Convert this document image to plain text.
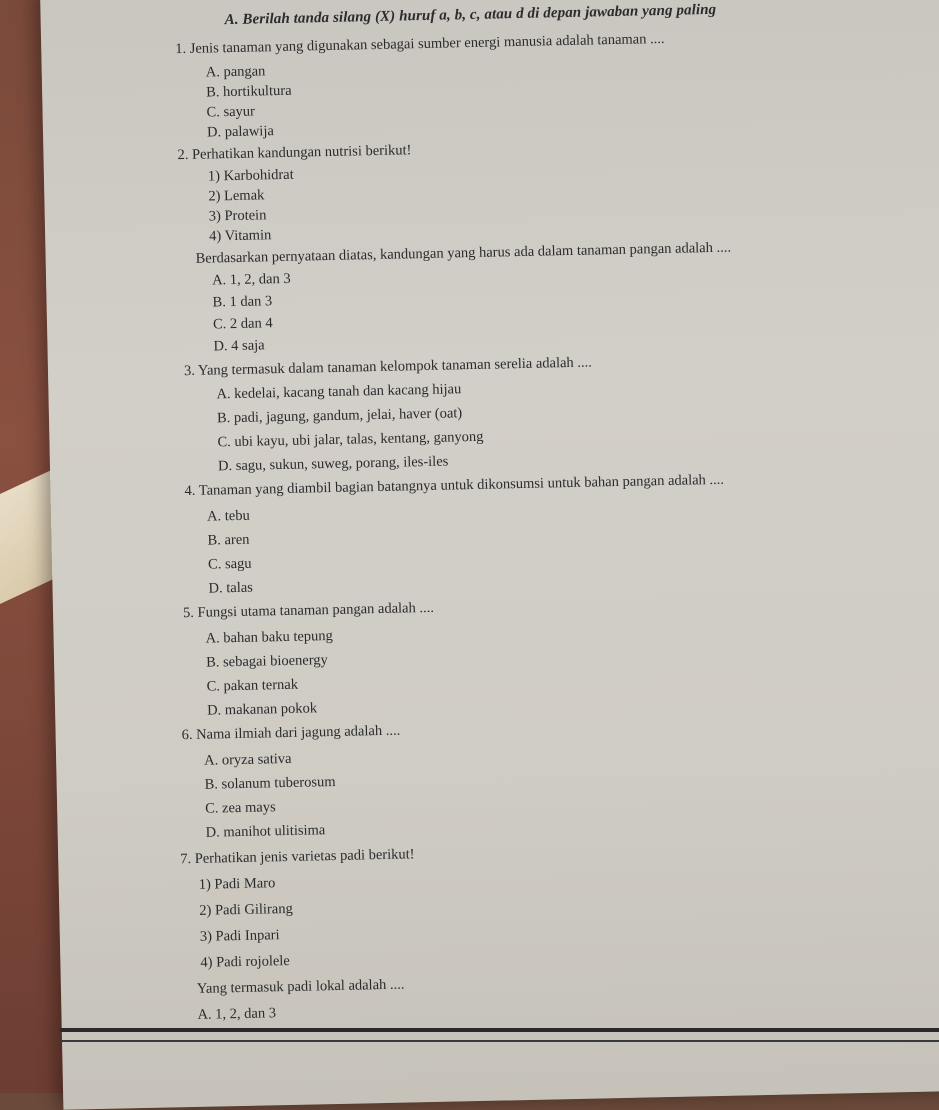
A. Berilah tanda silang (X) huruf a, b, c, atau d di depan jawaban yang paling
1. Jenis tanaman yang digunakan sebagai sumber energi manusia adalah tanaman ....
A. pangan
B. hortikultura
C. sayur
D. palawija
2. Perhatikan kandungan nutrisi berikut!
1) Karbohidrat
2) Lemak
3) Protein
4) Vitamin
Berdasarkan pernyataan diatas, kandungan yang harus ada dalam tanaman pangan adalah ....
A. 1, 2, dan 3
B. 1 dan 3
C. 2 dan 4
D. 4 saja
3. Yang termasuk dalam tanaman kelompok tanaman serelia adalah ....
A. kedelai, kacang tanah dan kacang hijau
B. padi, jagung, gandum, jelai, haver (oat)
C. ubi kayu, ubi jalar, talas, kentang, ganyong
D. sagu, sukun, suweg, porang, iles-iles
4. Tanaman yang diambil bagian batangnya untuk dikonsumsi untuk bahan pangan adalah ....
A. tebu
B. aren
C. sagu
D. talas
5. Fungsi utama tanaman pangan adalah ....
A. bahan baku tepung
B. sebagai bioenergy
C. pakan ternak
D. makanan pokok
6. Nama ilmiah dari jagung adalah ....
A. oryza sativa
B. solanum tuberosum
C. zea mays
D. manihot ulitisima
7. Perhatikan jenis varietas padi berikut!
1) Padi Maro
2) Padi Gilirang
3) Padi Inpari
4) Padi rojolele
Yang termasuk padi lokal adalah ....
A. 1, 2, dan 3
